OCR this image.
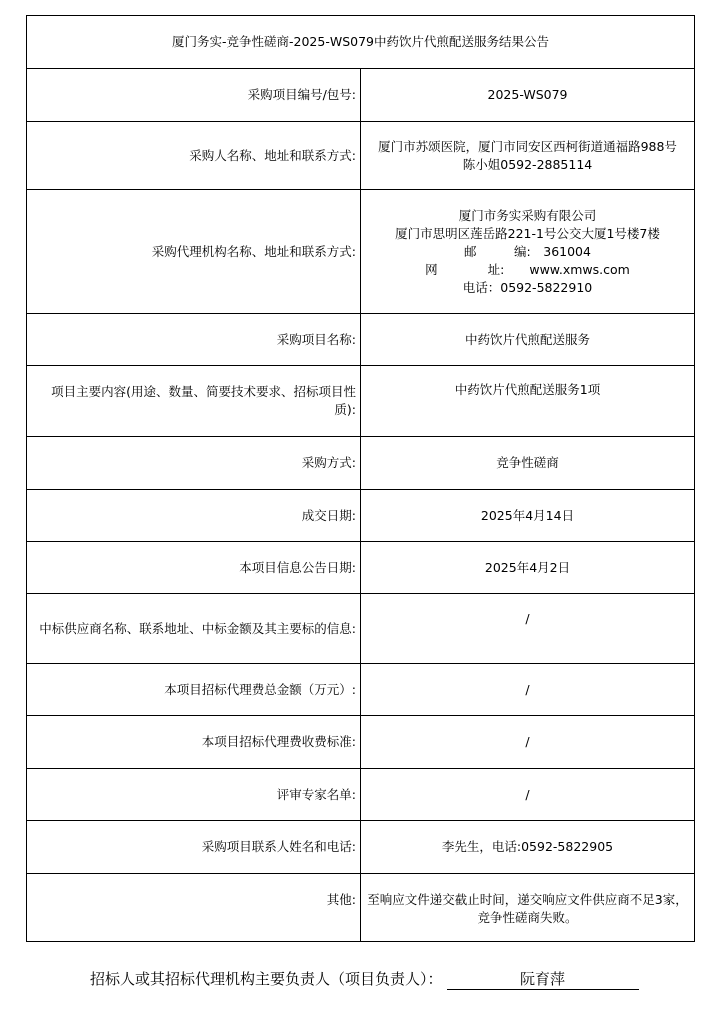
厦门务实-竞争性磋商-2025-WS079中药饮片代煎配送服务结果公告	
采购项目编号/包号:	2025-WS079
采购人名称、地址和联系方式:	厦门市苏颂医院，厦门市同安区西柯街道通福路988号　 陈小姐0592-2885114
采购代理机构名称、地址和联系方式:	厦门市务实采购有限公司
厦门市思明区莲岳路221-1号公交大厦1号楼7楼
邮　　　编:　361004
网　　　　址:　　www.xmws.com
电话：0592-5822910

采购项目名称:	中药饮片代煎配送服务
项目主要内容(用途、数量、简要技术要求、招标项目性质):	中药饮片代煎配送服务1项
采购方式:	竞争性磋商
成交日期:	2025年4月14日
本项目信息公告日期:	2025年4月2日
中标供应商名称、联系地址、中标金额及其主要标的信息:	/
本项目招标代理费总金额（万元）:	/
本项目招标代理费收费标准:	/
评审专家名单:	/
采购项目联系人姓名和电话:	李先生，电话:0592-5822905
其他:	至响应文件递交截止时间，递交响应文件供应商不足3家，竞争性磋商失败。
招标人或其招标代理机构主要负责人（项目负责人）：	阮育萍
